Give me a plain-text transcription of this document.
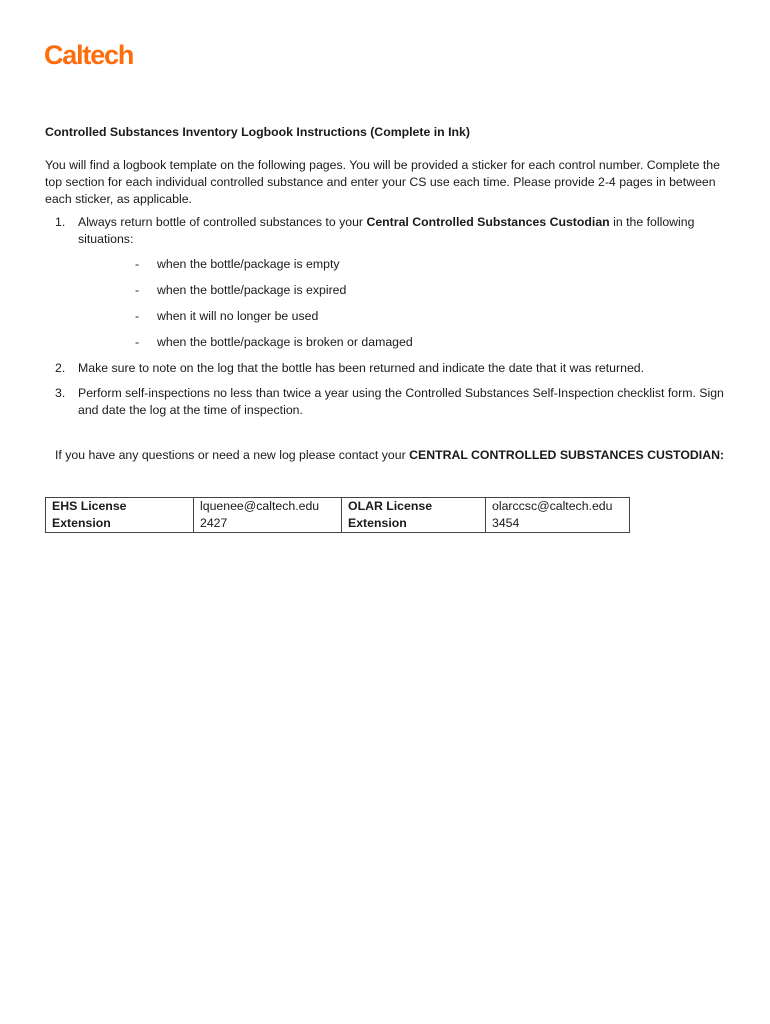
Caltech

Controlled Substances Inventory Logbook Instructions (Complete in Ink)

You will find a logbook template on the following pages. You will be provided a sticker for each control number. Complete the top section for each individual controlled substance and enter your CS use each time. Please provide 2-4 pages in between each sticker, as applicable.

1. Always return bottle of controlled substances to your Central Controlled Substances Custodian in the following situations:
- when the bottle/package is empty
- when the bottle/package is expired
- when it will no longer be used
- when the bottle/package is broken or damaged
2. Make sure to note on the log that the bottle has been returned and indicate the date that it was returned.
3. Perform self-inspections no less than twice a year using the Controlled Substances Self-Inspection checklist form. Sign and date the log at the time of inspection.

If you have any questions or need a new log please contact your CENTRAL CONTROLLED SUBSTANCES CUSTODIAN:

EHS License	lquenee@caltech.edu	OLAR License	olarccsc@caltech.edu
Extension	2427	Extension	3454
